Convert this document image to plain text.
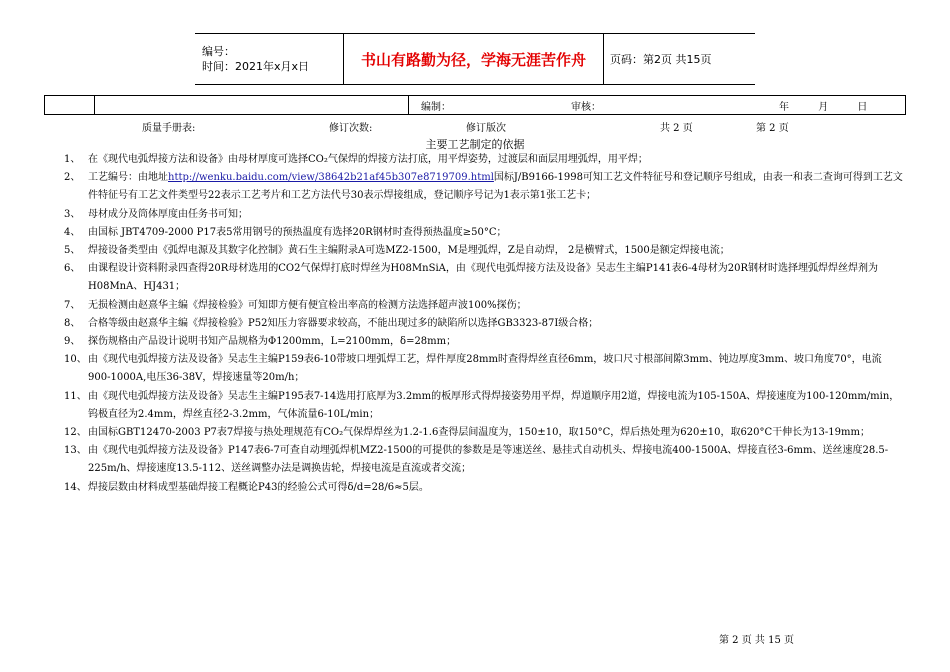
编号：
时间：2021年x月x日	书山有路勤为径，学海无涯苦作舟	页码：第2页 共15页

编制：	审核：	年	月	日
质量手册表:	修订次数:	修订版次	共 2 页	第 2 页
主要工艺制定的依据
1、 在《现代电弧焊接方法和设备》由母材厚度可选择CO₂气保焊的焊接方法打底，用平焊姿势，过渡层和面层用埋弧焊，用平焊；
2、 工艺编号：由地址http://wenku.baidu.com/view/38642b21af45b307e8719709.html国标J/B9166-1998可知工艺文件特征号和登记顺序号组成，由表一和表二查询可得到工艺文件特征号有工艺文件类型号22表示工艺考片和工艺方法代号30表示焊接组成，登记顺序号记为1表示第1张工艺卡；
3、 母材成分及筒体厚度由任务书可知；
4、 由国标 JBT4709-2000 P17表5常用钢号的预热温度有选择20R钢材时查得预热温度≥50°C；
5、 焊接设备类型由《弧焊电源及其数字化控制》黄石生主编附录A可选MZ2-1500，M是埋弧焊，Z是自动焊， 2是横臂式，1500是额定焊接电流；
6、 由课程设计资料附录四查得20R母材选用的CO2气保焊打底时焊丝为H08MnSiA，由《现代电弧焊接方法及设备》吴志生主编P141表6-4母材为20R钢材时选择埋弧焊焊丝焊剂为H08MnA、HJ431；
7、 无损检测由赵熹华主编《焊接检验》可知即方便有便宜检出率高的检测方法选择超声波100%探伤；
8、 合格等级由赵熹华主编《焊接检验》P52知压力容器要求较高，不能出现过多的缺陷所以选择GB3323-87Ⅰ级合格；
9、 探伤规格由产品设计说明书知产品规格为Φ1200mm，L=2100mm，δ=28mm；
10、 由《现代电弧焊接方法及设备》吴志生主编P159表6-10带坡口埋弧焊工艺，焊件厚度28mm时查得焊丝直径6mm，坡口尺寸根部间隙3mm、钝边厚度3mm、坡口角度70°，电流900-1000A,电压36-38V，焊接速量等20m/h；
11、 由《现代电弧焊接方法及设备》吴志生主编P195表7-14选用打底厚为3.2mm的板厚形式得焊接姿势用平焊，焊道顺序用2道，焊接电流为105-150A、焊接速度为100-120mm/min，钨极直径为2.4mm，焊丝直径2-3.2mm，气体流量6-10L/min；
12、 由国标GBT12470-2003 P7表7焊接与热处理规范有CO₂气保焊焊丝为1.2-1.6查得层间温度为，150±10，取150°C，焊后热处理为620±10，取620°C干伸长为13-19mm；
13、 由《现代电弧焊接方法及设备》P147表6-7可查自动埋弧焊机MZ2-1500的可提供的参数是是等速送丝、悬挂式自动机头、焊接电流400-1500A、焊接直径3-6mm、送丝速度28.5-225m/h、焊接速度13.5-112、送丝调整办法是调换齿轮，焊接电流是直流或者交流；
14、 焊接层数由材料成型基础焊接工程概论P43的经验公式可得δ/d=28/6≈5层。
第 2 页 共 15 页
